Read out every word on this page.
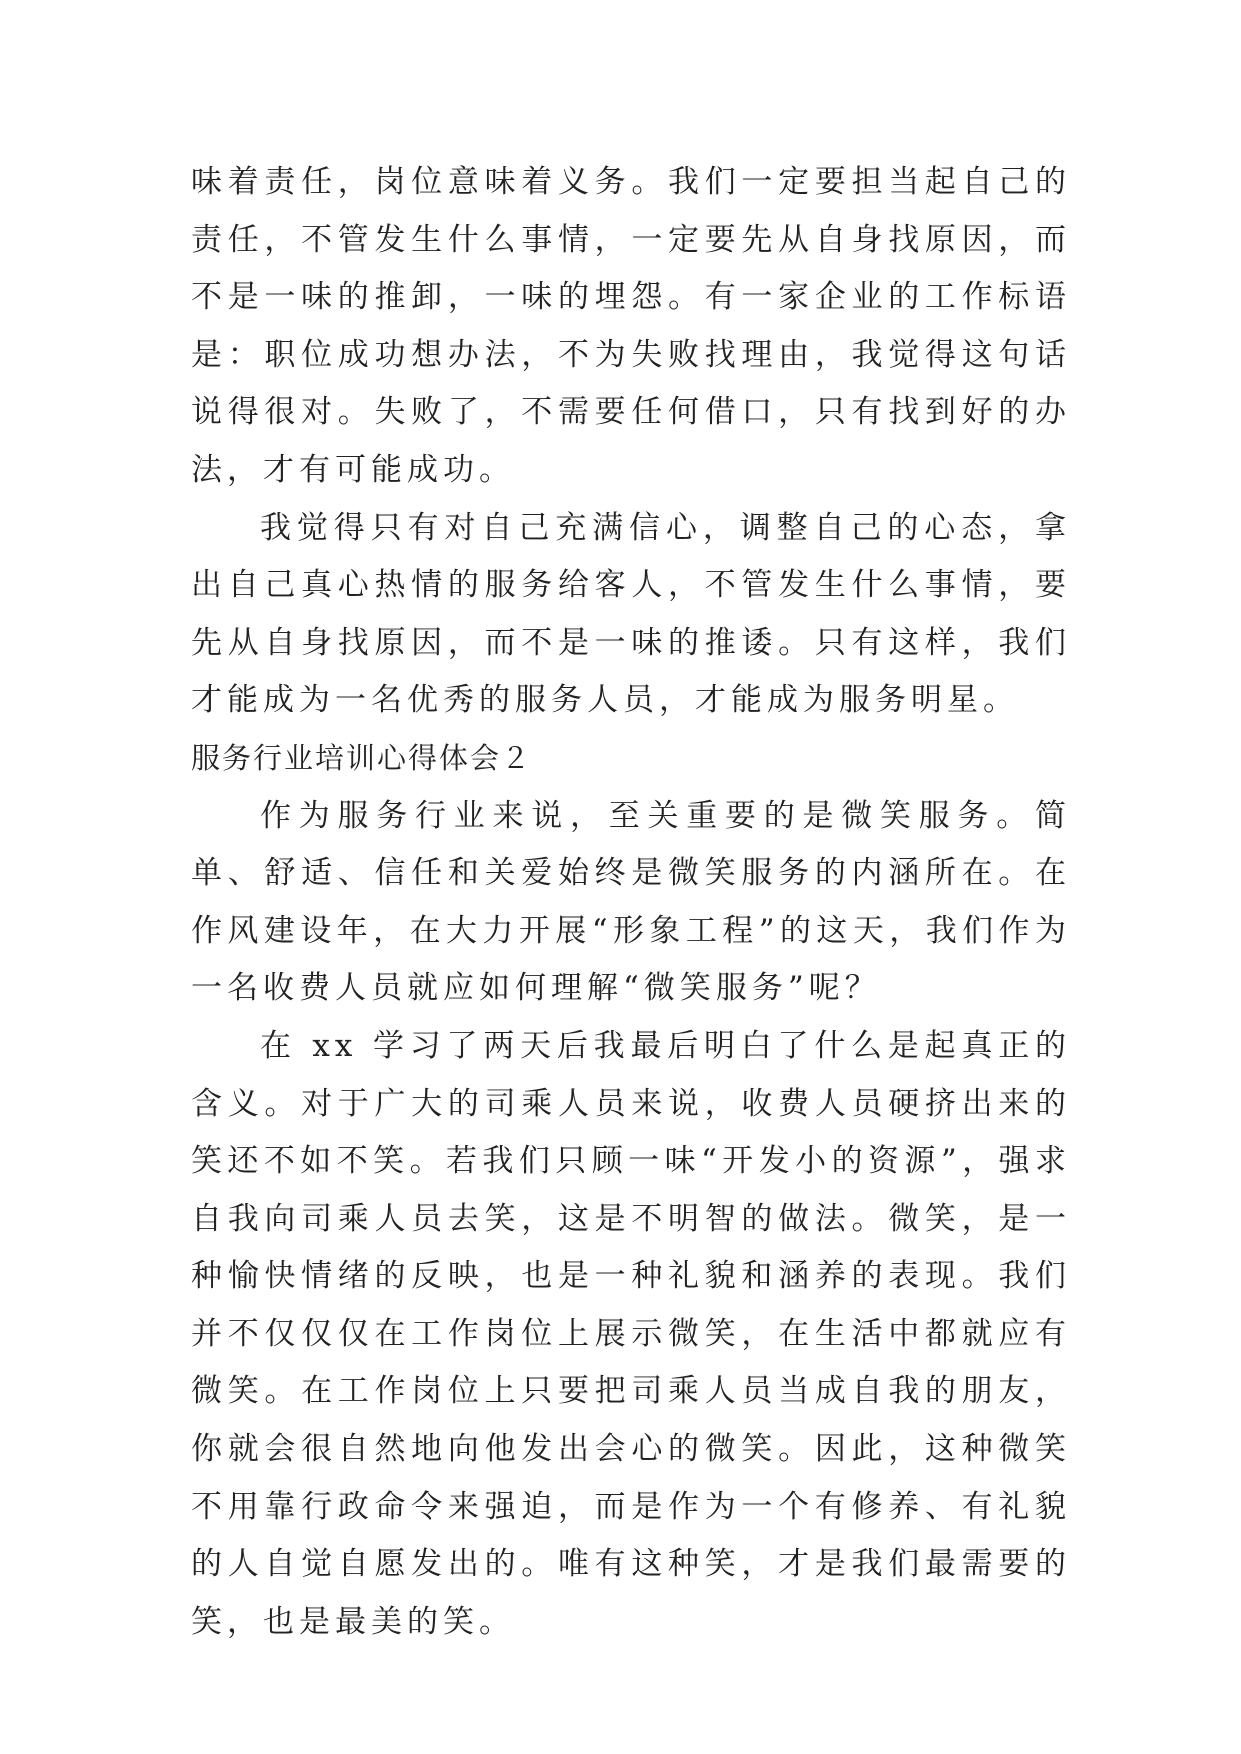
味着责任，岗位意味着义务。我们一定要担当起自己的责任，不管发生什么事情，一定要先从自身找原因，而不是一味的推卸，一味的埋怨。有一家企业的工作标语是：职位成功想办法，不为失败找理由，我觉得这句话说得很对。失败了，不需要任何借口，只有找到好的办法，才有可能成功。

我觉得只有对自己充满信心，调整自己的心态，拿出自己真心热情的服务给客人，不管发生什么事情，要先从自身找原因，而不是一味的推诿。只有这样，我们才能成为一名优秀的服务人员，才能成为服务明星。

服务行业培训心得体会２

作为服务行业来说，至关重要的是微笑服务。简单、舒适、信任和关爱始终是微笑服务的内涵所在。在作风建设年，在大力开展“形象工程”的这天，我们作为一名收费人员就应如何理解“微笑服务”呢？

在 xx 学习了两天后我最后明白了什么是起真正的含义。对于广大的司乘人员来说，收费人员硬挤出来的笑还不如不笑。若我们只顾一味“开发小的资源”，强求自我向司乘人员去笑，这是不明智的做法。微笑，是一种愉快情绪的反映，也是一种礼貌和涵养的表现。我们并不仅仅仅在工作岗位上展示微笑，在生活中都就应有微笑。在工作岗位上只要把司乘人员当成自我的朋友，你就会很自然地向他发出会心的微笑。因此，这种微笑不用靠行政命令来强迫，而是作为一个有修养、有礼貌的人自觉自愿发出的。唯有这种笑，才是我们最需要的笑，也是最美的笑。
